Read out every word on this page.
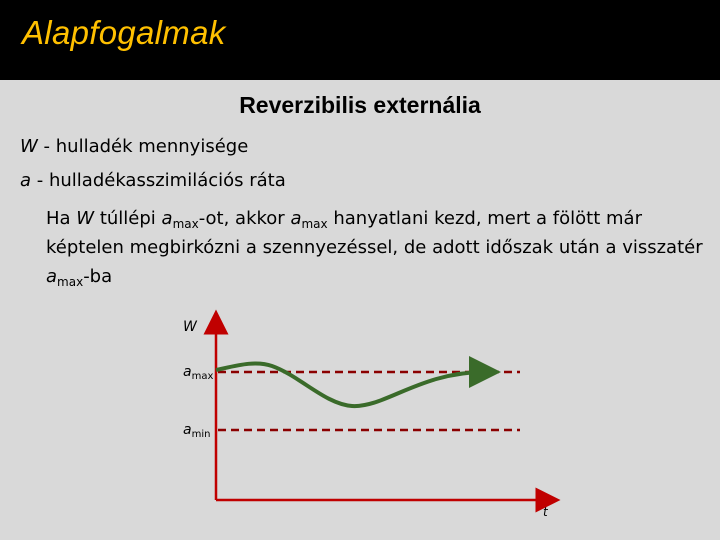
Alapfogalmak
Reverzibilis externália
W - hulladék mennyisége
a - hulladékasszimilációs ráta
Ha W túllépi $a_{max}-ot$, akkor $a_{max}$ hanyatlani kezd, mert a fölött már képtelen megbirkózni a szennyezéssel, de adott időszak után a visszatér $a_{max}-ba$
W
$a_{max}$
$a_{min}$
t
